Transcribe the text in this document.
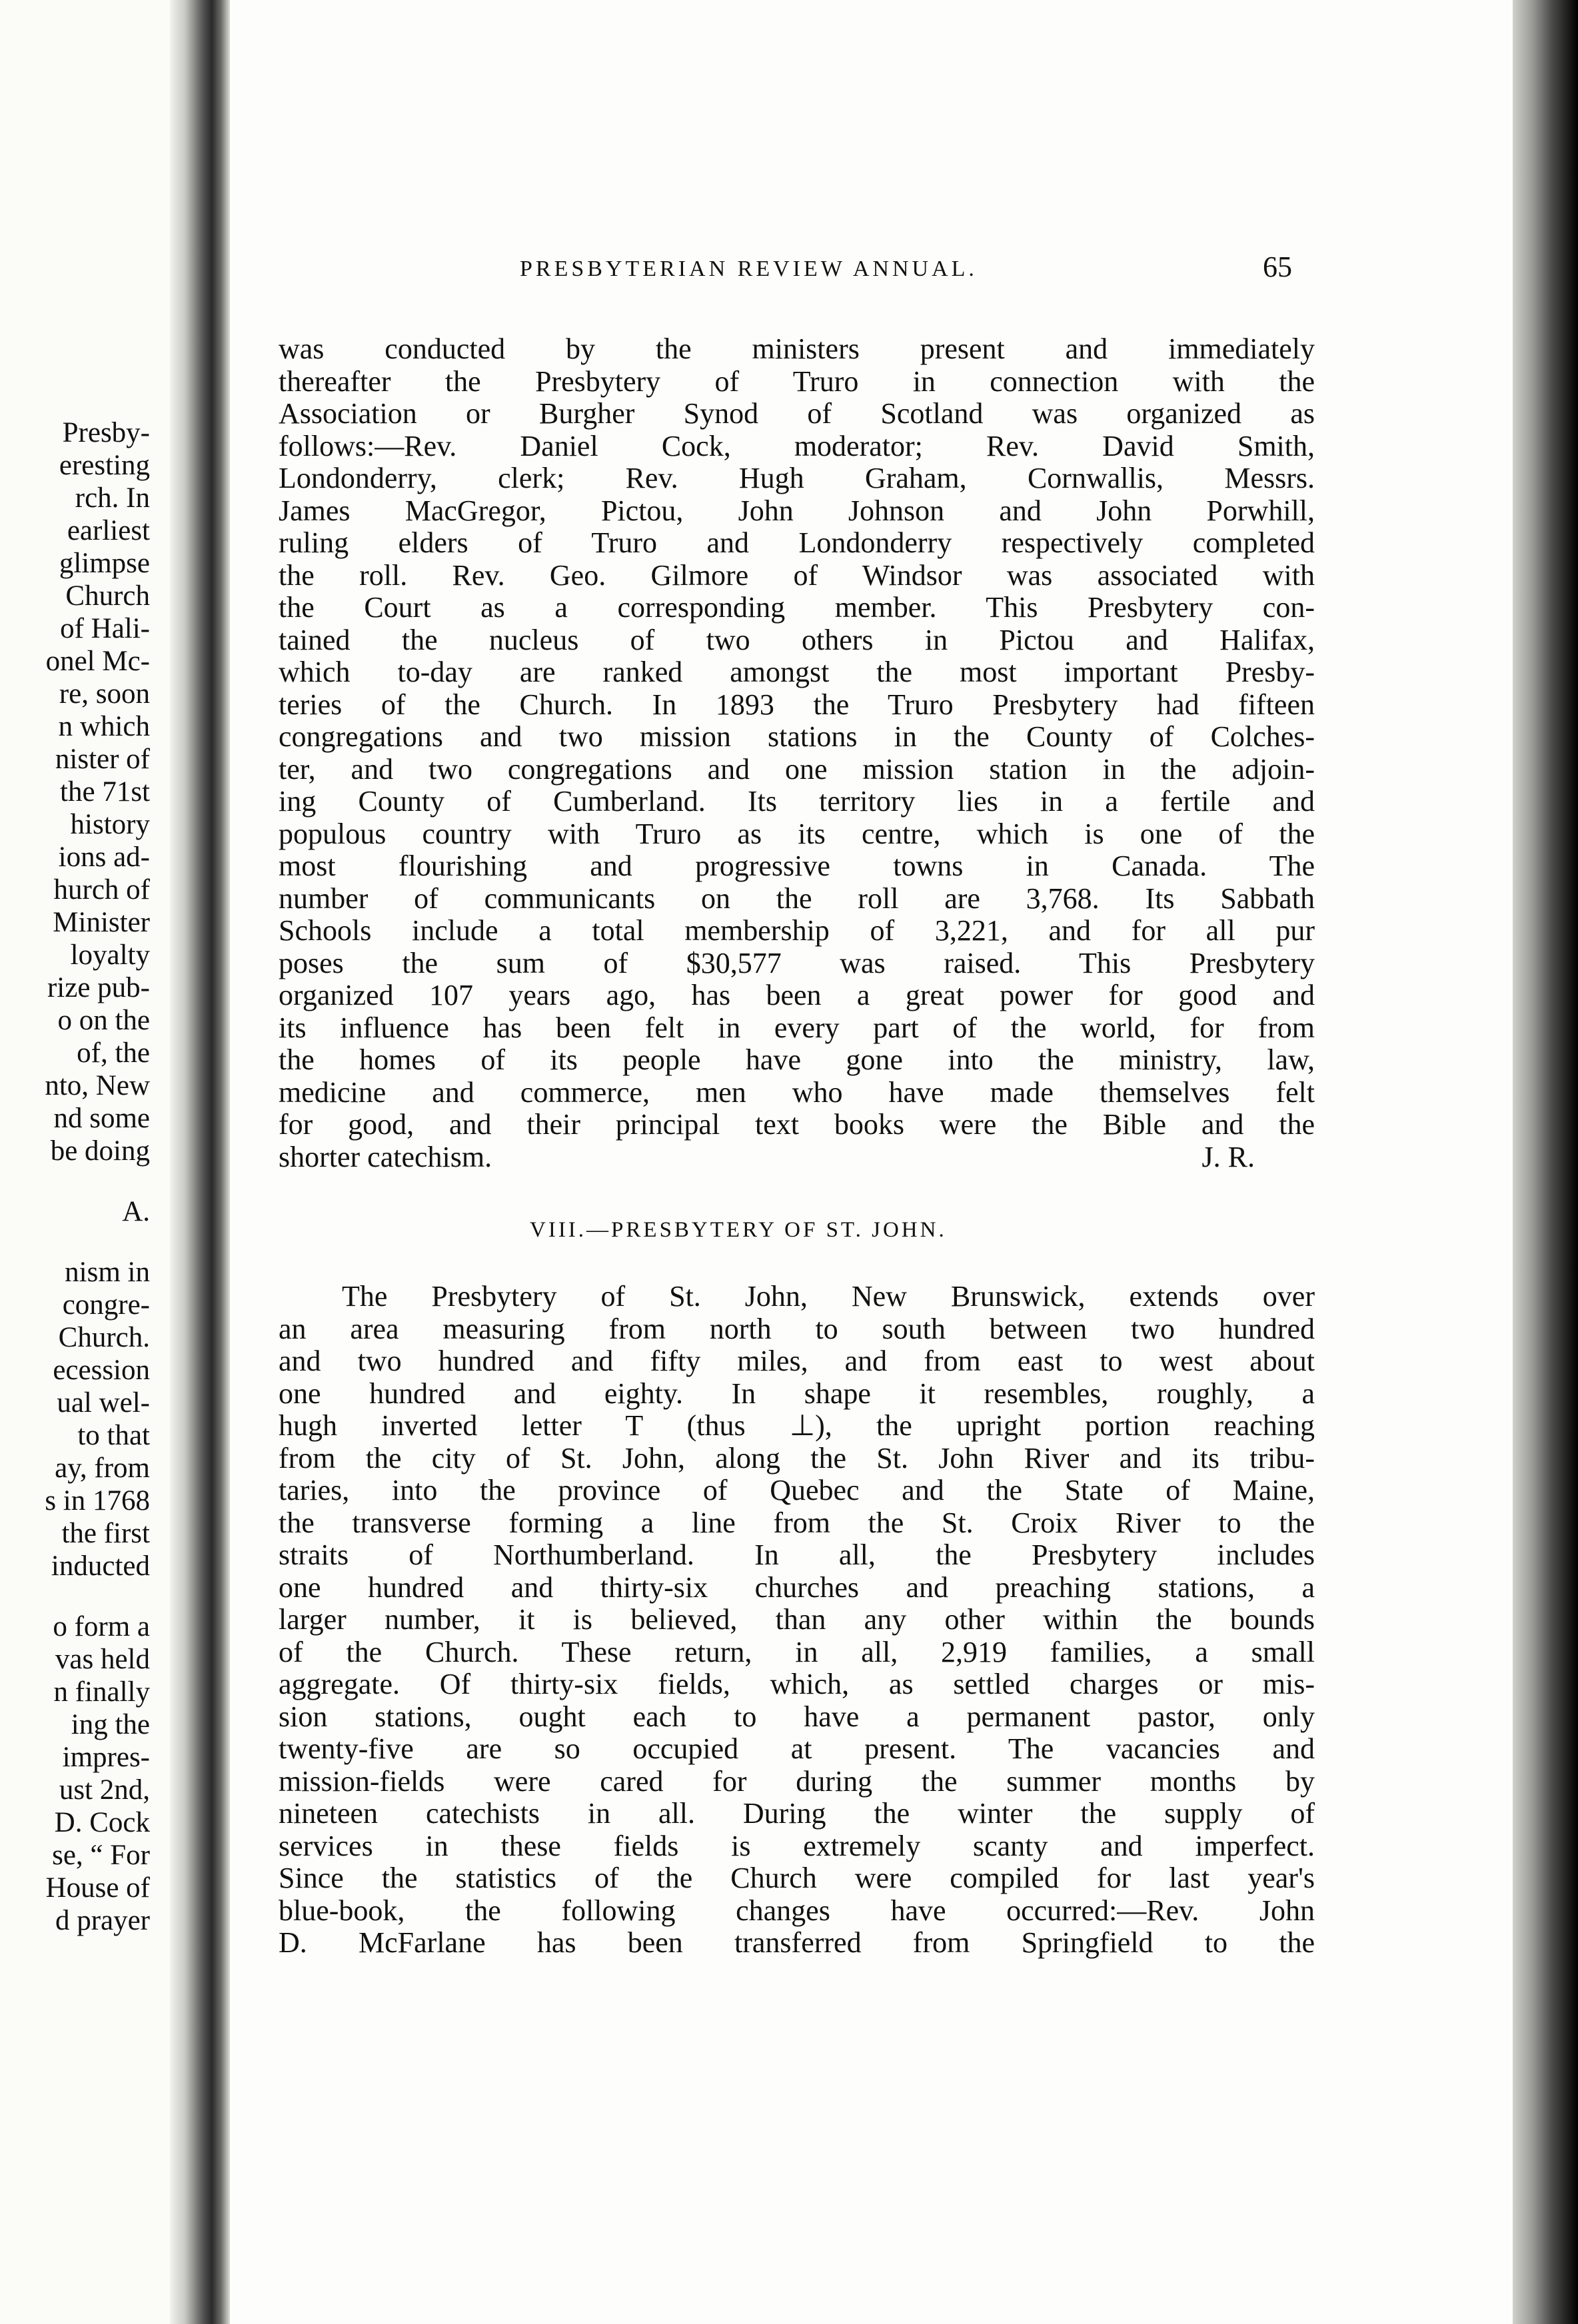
Presby-
eresting
rch. In
earliest
glimpse
Church
of Hali-
onel Mc-
re, soon
n which
nister of
the 71st
history
ions ad-
hurch of
Minister
loyalty
rize pub-
o on the
of, the
nto, New
nd some
be doing
A.
nism in
congre-
Church.
ecession
ual wel-
to that
ay, from
s in 1768
the first
inducted
o form a
vas held
n finally
ing the
impres-
ust 2nd,
D. Cock
se, “ For
House of
d prayer
PRESBYTERIAN REVIEW ANNUAL.	65
was conducted by the ministers present and immediately
thereafter the Presbytery of Truro in connection with the
Association or Burgher Synod of Scotland was organized as
follows:—Rev. Daniel Cock, moderator; Rev. David Smith,
Londonderry, clerk; Rev. Hugh Graham, Cornwallis, Messrs.
James MacGregor, Pictou, John Johnson and John Porwhill,
ruling elders of Truro and Londonderry respectively completed
the roll. Rev. Geo. Gilmore of Windsor was associated with
the Court as a corresponding member. This Presbytery con-
tained the nucleus of two others in Pictou and Halifax,
which to-day are ranked amongst the most important Presby-
teries of the Church. In 1893 the Truro Presbytery had fifteen
congregations and two mission stations in the County of Colches-
ter, and two congregations and one mission station in the adjoin-
ing County of Cumberland. Its territory lies in a fertile and
populous country with Truro as its centre, which is one of the
most flourishing and progressive towns in Canada. The
number of communicants on the roll are 3,768. Its Sabbath
Schools include a total membership of 3,221, and for all pur
poses the sum of $30,577 was raised. This Presbytery
organized 107 years ago, has been a great power for good and
its influence has been felt in every part of the world, for from
the homes of its people have gone into the ministry, law,
medicine and commerce, men who have made themselves felt
for good, and their principal text books were the Bible and the
shorter catechism.	J. R.
VIII.—PRESBYTERY OF ST. JOHN.
The Presbytery of St. John, New Brunswick, extends over
an area measuring from north to south between two hundred
and two hundred and fifty miles, and from east to west about
one hundred and eighty. In shape it resembles, roughly, a
hugh inverted letter T (thus ⊥), the upright portion reaching
from the city of St. John, along the St. John River and its tribu-
taries, into the province of Quebec and the State of Maine,
the transverse forming a line from the St. Croix River to the
straits of Northumberland. In all, the Presbytery includes
one hundred and thirty-six churches and preaching stations, a
larger number, it is believed, than any other within the bounds
of the Church. These return, in all, 2,919 families, a small
aggregate. Of thirty-six fields, which, as settled charges or mis-
sion stations, ought each to have a permanent pastor, only
twenty-five are so occupied at present. The vacancies and
mission-fields were cared for during the summer months by
nineteen catechists in all. During the winter the supply of
services in these fields is extremely scanty and imperfect.
Since the statistics of the Church were compiled for last year's
blue-book, the following changes have occurred:—Rev. John
D. McFarlane has been transferred from Springfield to the
